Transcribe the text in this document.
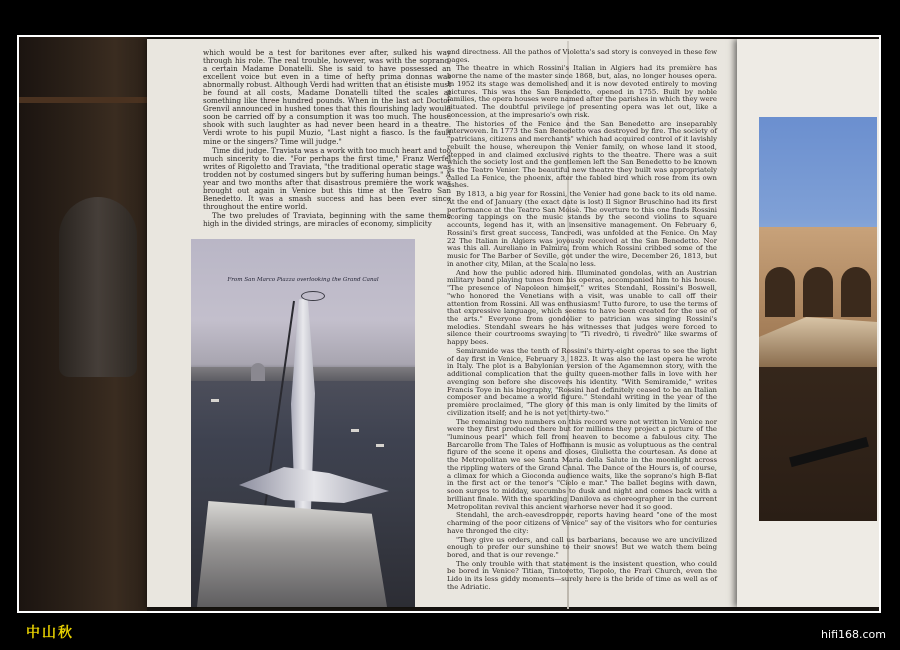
which would be a test for baritones ever after, sulked his way through his role. The real trouble, however, was with the soprano, a certain Madame Donatelli. She is said to have possessed an excellent voice but even in a time of hefty prima donnas was abnormally robust. Although Verdi had written that an étisiste must be found at all costs, Madame Donatelli tilted the scales at something like three hundred pounds. When in the last act Doctor Grenvil announced in hushed tones that this flourishing lady would soon be carried off by a consumption it was too much. The house shook with such laughter as had never been heard in a theatre. Verdi wrote to his pupil Muzio, "Last night a fiasco. Is the fault mine or the singers? Time will judge."

Time did judge. Traviata was a work with too much heart and too much sincerity to die. "For perhaps the first time," Franz Werfel writes of Rigoletto and Traviata, "the traditional operatic stage was trodden not by costumed singers but by suffering human beings." A year and two months after that disastrous première the work was brought out again in Venice but this time at the Teatro San Benedetto. It was a smash success and has been ever since throughout the entire world.

The two preludes of Traviata, beginning with the same theme high in the divided strings, are miracles of economy, simplicity

and directness. All the pathos of Violetta's sad story is conveyed in these few pages.

The theatre in which Rossini's Italian in Algiers had its première has borne the name of the master since 1868, but, alas, no longer houses opera. In 1952 its stage was demolished and it is now devoted entirely to moving pictures. This was the San Benedetto, opened in 1755. Built by noble families, the opera houses were named after the parishes in which they were situated. The doubtful privilege of presenting opera was let out, like a concession, at the impresario's own risk.

The histories of the Fenice and the San Benedetto are inseparably interwoven. In 1773 the San Benedetto was destroyed by fire. The society of "patricians, citizens and merchants" which had acquired control of it lavishly rebuilt the house, whereupon the Venier family, on whose land it stood, stepped in and claimed exclusive rights to the theatre. There was a suit which the society lost and the gentlemen left the San Benedetto to be known as the Teatro Venier. The beautiful new theatre they built was appropriately called La Fenice, the phoenix, after the fabled bird which rose from its own ashes.

By 1813, a big year for Rossini, the Venier had gone back to its old name. At the end of January (the exact date is lost) Il Signor Bruschino had its first performance at the Teatro San Moisè. The overture to this one finds Rossini scoring tappings on the music stands by the second violins to square accounts, legend has it, with an insensitive management. On February 6, Rossini's first great success, Tancredi, was unfolded at the Fenice. On May 22 The Italian in Algiers was joyously received at the San Benedetto. Nor was this all. Aureliano in Palmira, from which Rossini cribbed some of the music for The Barber of Seville, got under the wire, December 26, 1813, but in another city, Milan, at the Scala no less.

And how the public adored him. Illuminated gondolas, with an Austrian military band playing tunes from his operas, accompanied him to his house. "The presence of Napoleon himself," writes Stendahl, Rossini's Boswell, "who honored the Venetians with a visit, was unable to call off their attention from Rossini. All was enthusiasm! Tutto furore, to use the terms of that expressive language, which seems to have been created for the use of the arts." Everyone from gondolier to patrician was singing Rossini's melodies. Stendahl swears he has witnesses that judges were forced to silence their courtrooms swaying to "Ti rivedrò, ti rivedrò" like swarms of happy bees.

Semiramide was the tenth of Rossini's thirty-eight operas to see the light of day first in Venice, February 3, 1823. It was also the last opera he wrote in Italy. The plot is a Babylonian version of the Agamemnon story, with the additional complication that the guilty queen-mother falls in love with her avenging son before she discovers his identity. "With Semiramide," writes Francis Toye in his biography, "Rossini had definitely ceased to be an Italian composer and became a world figure." Stendahl writing in the year of the première proclaimed, "The glory of this man is only limited by the limits of civilization itself; and he is not yet thirty-two."

The remaining two numbers on this record were not written in Venice nor were they first produced there but for millions they project a picture of the "luminous pearl" which fell from heaven to become a fabulous city. The Barcarolle from The Tales of Hoffmann is music as voluptuous as the central figure of the scene it opens and closes, Giulietta the courtesan. As done at the Metropolitan we see Santa Maria della Salute in the moonlight across the rippling waters of the Grand Canal. The Dance of the Hours is, of course, a climax for which a Gioconda audience waits, like the soprano's high B-flat in the first act or the tenor's "Cielo e mar." The ballet begins with dawn, soon surges to midday, succumbs to dusk and night and comes back with a brilliant finale. With the sparkling Danilova as choreographer in the current Metropolitan revival this ancient warhorse never had it so good.

Stendahl, the arch-eavesdropper, reports having heard "one of the most charming of the poor citizens of Venice" say of the visitors who for centuries have thronged the city:

"They give us orders, and call us barbarians, because we are uncivilized enough to prefer our sunshine to their snows! But we watch them being bored, and that is our revenge."

The only trouble with that statement is the insistent question, who could be bored in Venice? Titian, Tintoretto, Tiepolo, the Frari Church, even the Lido in its less giddy moments—surely here is the bride of time as well as of the Adriatic.

From San Marco Piazza overlooking the Grand Canal
中山秋	hifi168.com
